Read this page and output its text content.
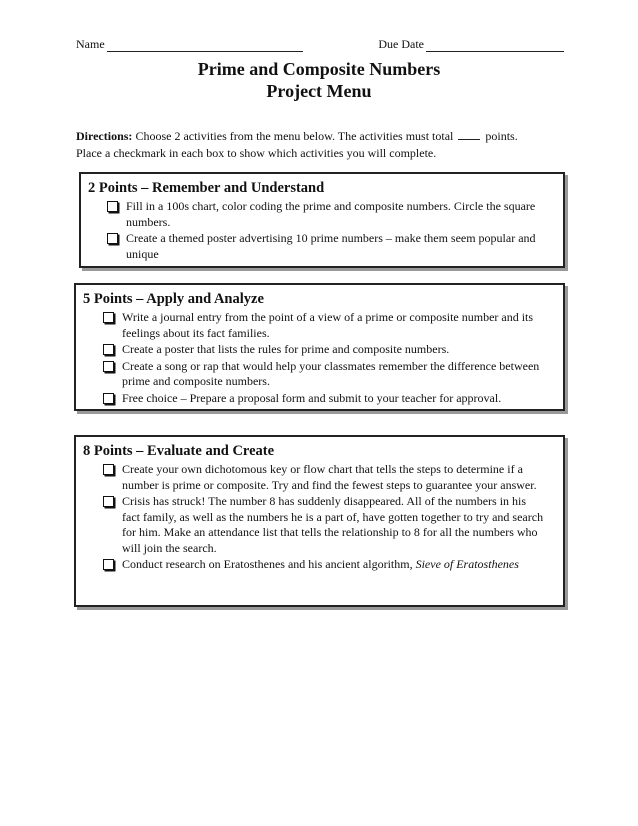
Name	Due Date
Prime and Composite Numbers
Project Menu
Directions: Choose 2 activities from the menu below. The activities must total	points.
Place a checkmark in each box to show which activities you will complete.
2 Points – Remember and Understand
Fill in a 100s chart, color coding the prime and composite numbers. Circle the square numbers.
Create a themed poster advertising 10 prime numbers – make them seem popular and unique
5 Points – Apply and Analyze
Write a journal entry from the point of a view of a prime or composite number and its feelings about its fact families.
Create a poster that lists the rules for prime and composite numbers.
Create a song or rap that would help your classmates remember the difference between prime and composite numbers.
Free choice – Prepare a proposal form and submit to your teacher for approval.
8 Points – Evaluate and Create
Create your own dichotomous key or flow chart that tells the steps to determine if a number is prime or composite. Try and find the fewest steps to guarantee your answer.
Crisis has struck! The number 8 has suddenly disappeared. All of the numbers in his fact family, as well as the numbers he is a part of, have gotten together to try and search for him. Make an attendance list that tells the relationship to 8 for all the numbers who will join the search.
Conduct research on Eratosthenes and his ancient algorithm, Sieve of Eratosthenes
